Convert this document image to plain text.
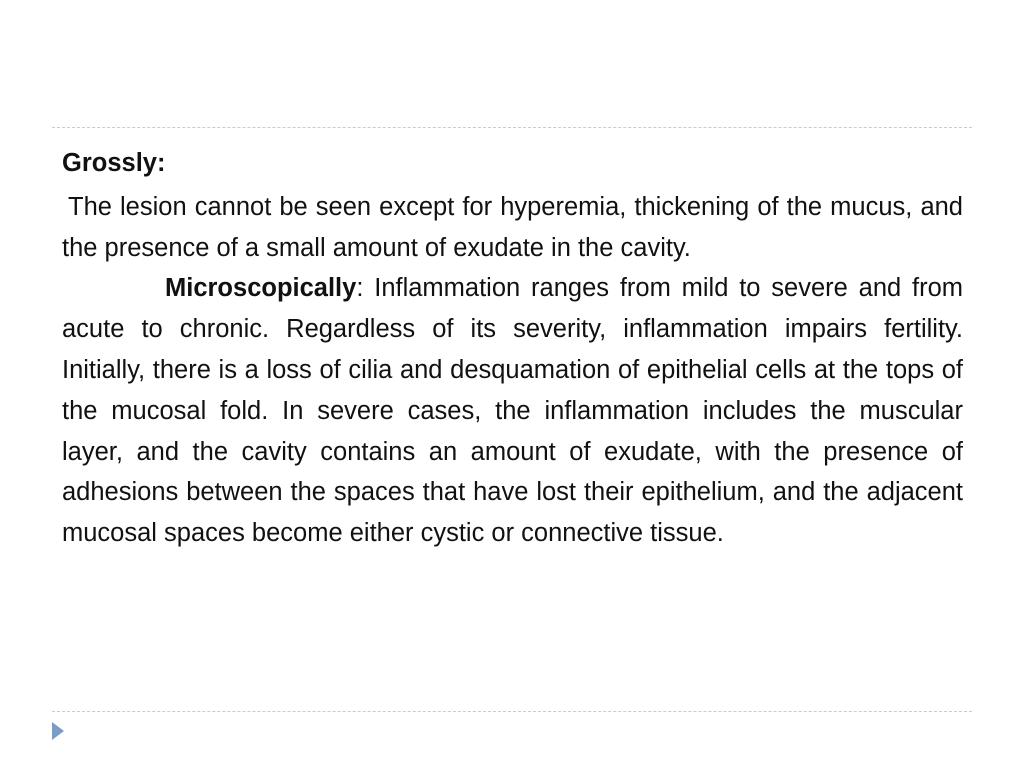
Grossly:

The lesion cannot be seen except for hyperemia, thickening of the mucus, and the presence of a small amount of exudate in the cavity.

Microscopically: Inflammation ranges from mild to severe and from acute to chronic. Regardless of its severity, inflammation impairs fertility. Initially, there is a loss of cilia and desquamation of epithelial cells at the tops of the mucosal fold. In severe cases, the inflammation includes the muscular layer, and the cavity contains an amount of exudate, with the presence of adhesions between the spaces that have lost their epithelium, and the adjacent mucosal spaces become either cystic or connective tissue.
